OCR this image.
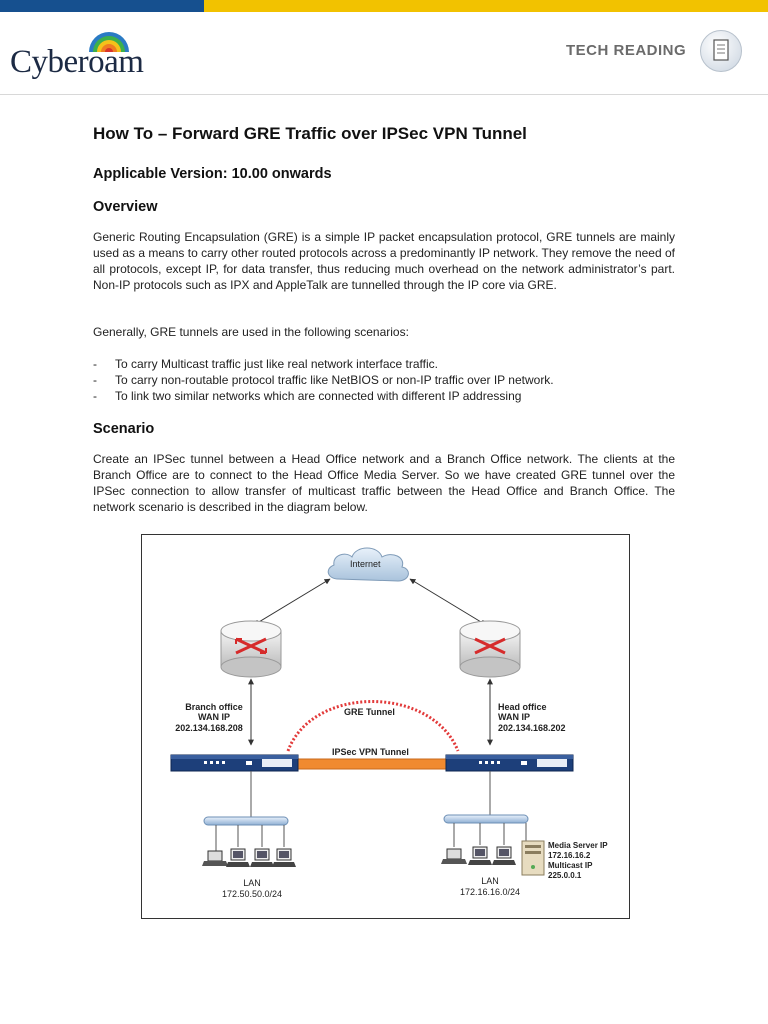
Cyberoam	TECH READING
How To – Forward GRE Traffic over IPSec VPN Tunnel
Applicable Version: 10.00 onwards
Overview

Generic Routing Encapsulation (GRE) is a simple IP packet encapsulation protocol, GRE tunnels are mainly used as a means to carry other routed protocols across a predominantly IP network. They remove the need of all protocols, except IP, for data transfer, thus reducing much overhead on the network administrator’s part. Non-IP protocols such as IPX and AppleTalk are tunnelled through the IP core via GRE.

Generally, GRE tunnels are used in the following scenarios:

- To carry Multicast traffic just like real network interface traffic.
- To carry non-routable protocol traffic like NetBIOS or non-IP traffic over IP network.
- To link two similar networks which are connected with different IP addressing
Scenario

Create an IPSec tunnel between a Head Office network and a Branch Office network. The clients at the Branch Office are to connect to the Head Office Media Server. So we have created GRE tunnel over the IPSec connection to allow transfer of multicast traffic between the Head Office and Branch Office. The network scenario is described in the diagram below.

Internet
Branch office
WAN IP
202.134.168.208
Head office
WAN IP
202.134.168.202
GRE Tunnel
IPSec VPN Tunnel
LAN
172.50.50.0/24
LAN
172.16.16.0/24
Media Server IP
172.16.16.2
Multicast IP
225.0.0.1
